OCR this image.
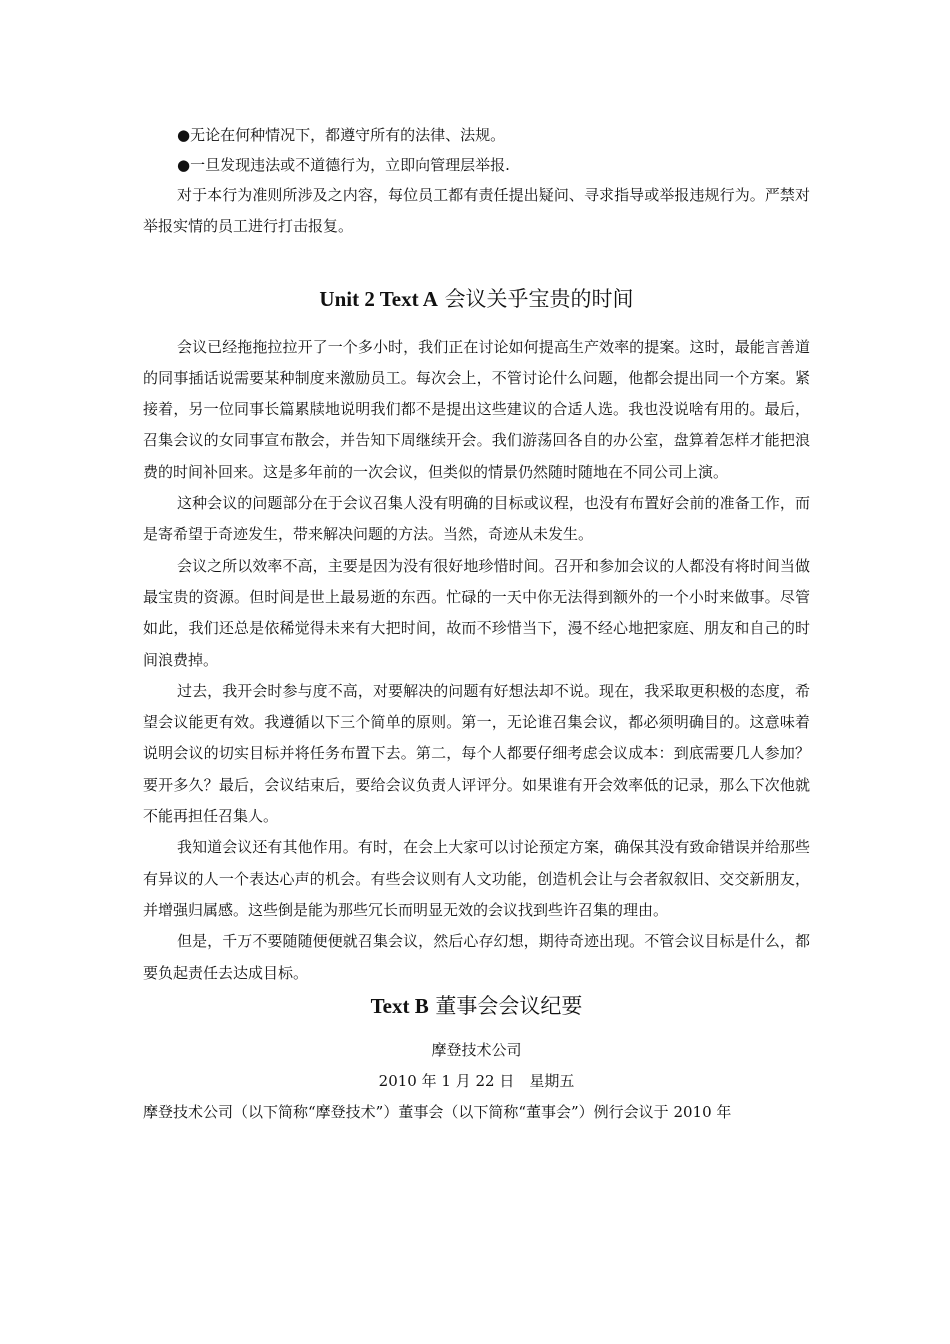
●无论在何种情况下，都遵守所有的法律、法规。

●一旦发现违法或不道德行为，立即向管理层举报.

对于本行为准则所涉及之内容，每位员工都有责任提出疑问、寻求指导或举报违规行为。严禁对举报实情的员工进行打击报复。

Unit 2 Text A 会议关乎宝贵的时间

会议已经拖拖拉拉开了一个多小时，我们正在讨论如何提高生产效率的提案。这时，最能言善道的同事插话说需要某种制度来激励员工。每次会上，不管讨论什么问题，他都会提出同一个方案。紧接着，另一位同事长篇累牍地说明我们都不是提出这些建议的合适人选。我也没说啥有用的。最后，召集会议的女同事宣布散会，并告知下周继续开会。我们游荡回各自的办公室，盘算着怎样才能把浪费的时间补回来。这是多年前的一次会议，但类似的情景仍然随时随地在不同公司上演。

这种会议的问题部分在于会议召集人没有明确的目标或议程，也没有布置好会前的准备工作，而是寄希望于奇迹发生，带来解决问题的方法。当然，奇迹从未发生。

会议之所以效率不高，主要是因为没有很好地珍惜时间。召开和参加会议的人都没有将时间当做最宝贵的资源。但时间是世上最易逝的东西。忙碌的一天中你无法得到额外的一个小时来做事。尽管如此，我们还总是依稀觉得未来有大把时间，故而不珍惜当下，漫不经心地把家庭、朋友和自己的时间浪费掉。

过去，我开会时参与度不高，对要解决的问题有好想法却不说。现在，我采取更积极的态度，希望会议能更有效。我遵循以下三个简单的原则。第一，无论谁召集会议，都必须明确目的。这意味着说明会议的切实目标并将任务布置下去。第二，每个人都要仔细考虑会议成本：到底需要几人参加？要开多久？最后，会议结束后，要给会议负责人评评分。如果谁有开会效率低的记录，那么下次他就不能再担任召集人。

我知道会议还有其他作用。有时，在会上大家可以讨论预定方案，确保其没有致命错误并给那些有异议的人一个表达心声的机会。有些会议则有人文功能，创造机会让与会者叙叙旧、交交新朋友，并增强归属感。这些倒是能为那些冗长而明显无效的会议找到些许召集的理由。

但是，千万不要随随便便就召集会议，然后心存幻想，期待奇迹出现。不管会议目标是什么，都要负起责任去达成目标。

Text B 董事会会议纪要

摩登技术公司

2010 年 1 月 22 日　星期五

摩登技术公司（以下简称“摩登技术”）董事会（以下简称“董事会”）例行会议于 2010 年
